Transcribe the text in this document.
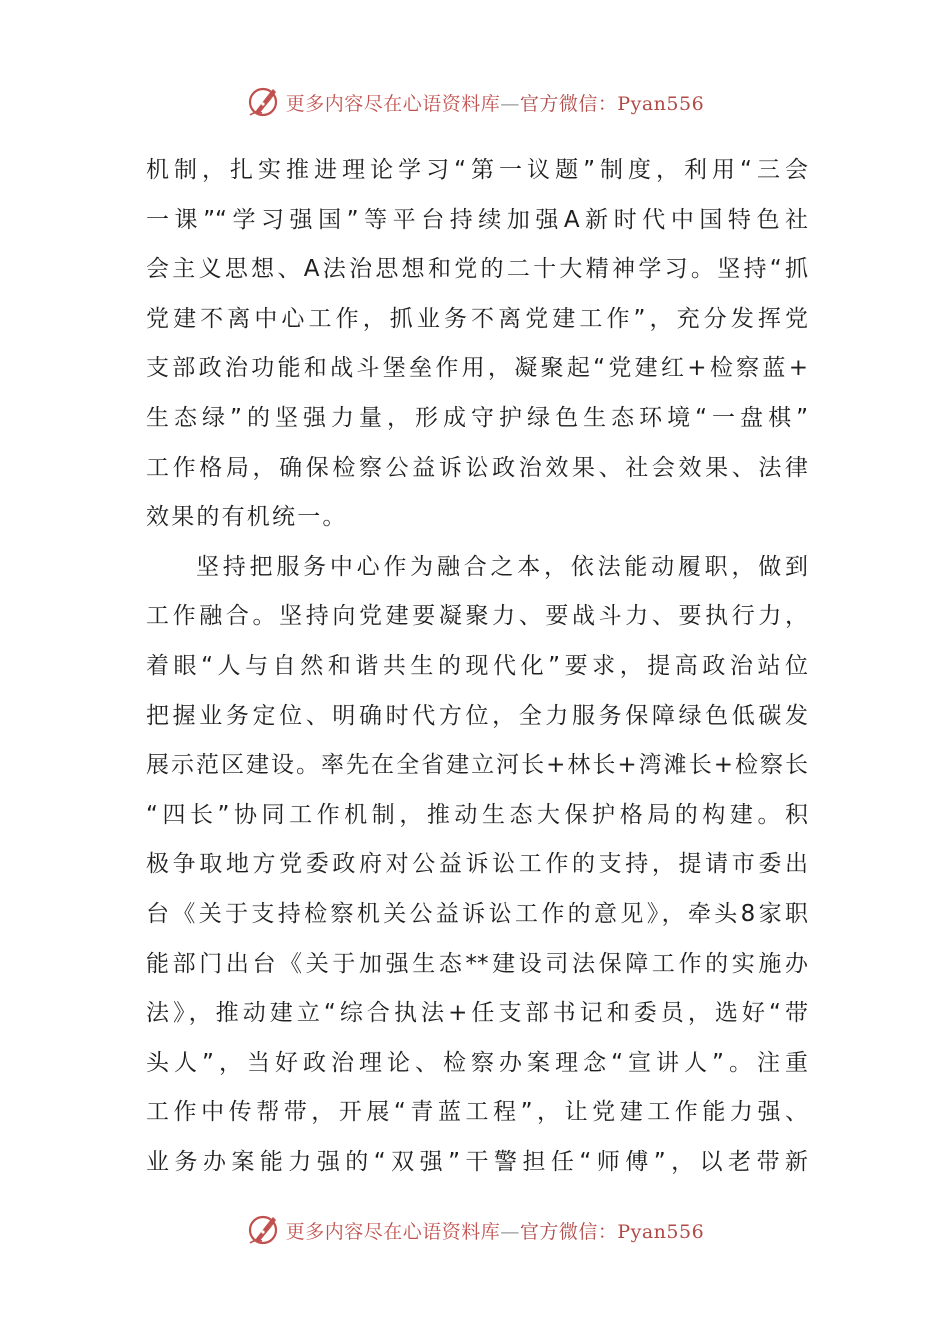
更多内容尽在心语资料库—官方微信：Pyan556
机制，扎实推进理论学习“第一议题”制度，利用“三会
一课”“学习强国”等平台持续加强A新时代中国特色社
会主义思想、A法治思想和党的二十大精神学习。坚持“抓
党建不离中心工作，抓业务不离党建工作”，充分发挥党
支部政治功能和战斗堡垒作用，凝聚起“党建红+检察蓝+
生态绿”的坚强力量，形成守护绿色生态环境“一盘棋”
工作格局，确保检察公益诉讼政治效果、社会效果、法律
效果的有机统一。
坚持把服务中心作为融合之本，依法能动履职，做到
工作融合。坚持向党建要凝聚力、要战斗力、要执行力，
着眼“人与自然和谐共生的现代化”要求，提高政治站位
把握业务定位、明确时代方位，全力服务保障绿色低碳发
展示范区建设。率先在全省建立河长+林长+湾滩长+检察长
“四长”协同工作机制，推动生态大保护格局的构建。积
极争取地方党委政府对公益诉讼工作的支持，提请市委出
台《关于支持检察机关公益诉讼工作的意见》，牵头8家职
能部门出台《关于加强生态**建设司法保障工作的实施办
法》，推动建立“综合执法+任支部书记和委员，选好“带
头人”，当好政治理论、检察办案理念“宣讲人”。注重
工作中传帮带，开展“青蓝工程”，让党建工作能力强、
业务办案能力强的“双强”干警担任“师傅”，以老带新
更多内容尽在心语资料库—官方微信：Pyan556
